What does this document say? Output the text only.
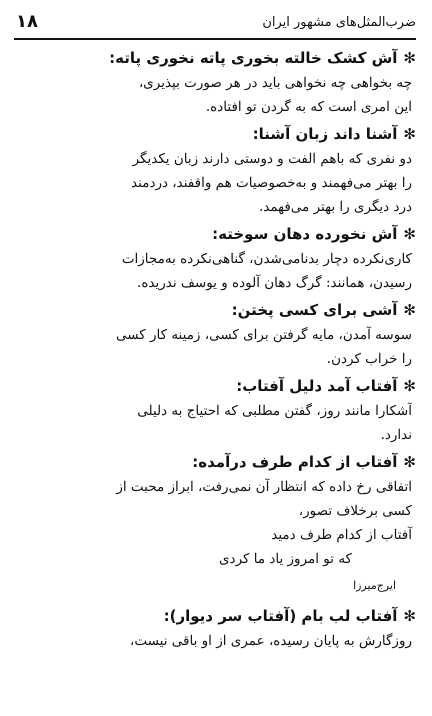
ضرب‌المثل‌های مشهور ایران
۱۸
✻
آش کشک خالته بخوری پاته نخوری پاته:
چه بخواهی چه نخواهی باید در هر صورت بپذیری،
این امری است که به گردن تو افتاده.
✻
آشنا داند زبان آشنا:
دو نفری که باهم الفت و دوستی دارند زبان یکدیگر
را بهتر می‌فهمند و به‌خصوصیات هم واقفند، دردمند
درد دیگری را بهتر می‌فهمد.
✻
آش نخورده دهان سوخته:
کاری‌نکرده دچار بدنامی‌شدن، گناهی‌نکرده به‌مجازات
رسیدن، همانند: گرگ دهان آلوده و یوسف ندریده.
✻
آشی برای کسی پختن:
سوسه آمدن، مایه گرفتن برای کسی، زمینه کار کسی
را خراب کردن.
✻
آفتاب آمد دلیل آفتاب:
آشکارا مانند روز، گفتن مطلبی که احتیاج به دلیلی
ندارد.
✻
آفتاب از کدام طرف درآمده:
اتفاقی رخ داده که انتظار آن نمی‌رفت، ابراز محبت از
کسی برخلاف تصور،
آفتاب از کدام طرف دمید
که تو امروز یاد ما کردی
ایرج‌میرزا
✻
آفتاب لب بام (آفتاب سر دیوار):
روزگارش به پایان رسیده، عمری از او باقی نیست،
